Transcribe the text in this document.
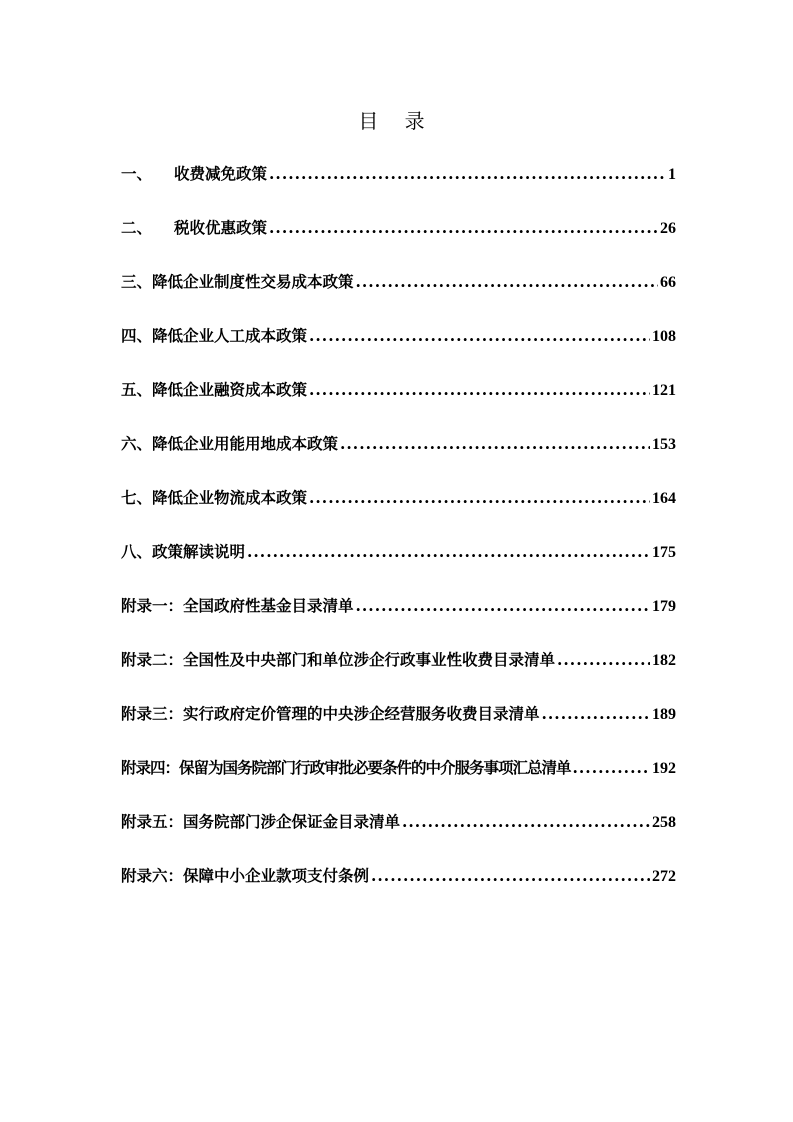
目 录
一、 收费减免政策 .....	1
二、 税收优惠政策 .....	26
三、降低企业制度性交易成本政策 .....	66
四、降低企业人工成本政策 .....	108
五、降低企业融资成本政策 .....	121
六、降低企业用能用地成本政策 .....	153
七、降低企业物流成本政策 .....	164
八、政策解读说明 .....	175
附录一：全国政府性基金目录清单 .....	179
附录二：全国性及中央部门和单位涉企行政事业性收费目录清单 .....	182
附录三：实行政府定价管理的中央涉企经营服务收费目录清单 .....	189
附录四：保留为国务院部门行政审批必要条件的中介服务事项汇总清单 .....	192
附录五：国务院部门涉企保证金目录清单 .....	258
附录六：保障中小企业款项支付条例 .....	272
